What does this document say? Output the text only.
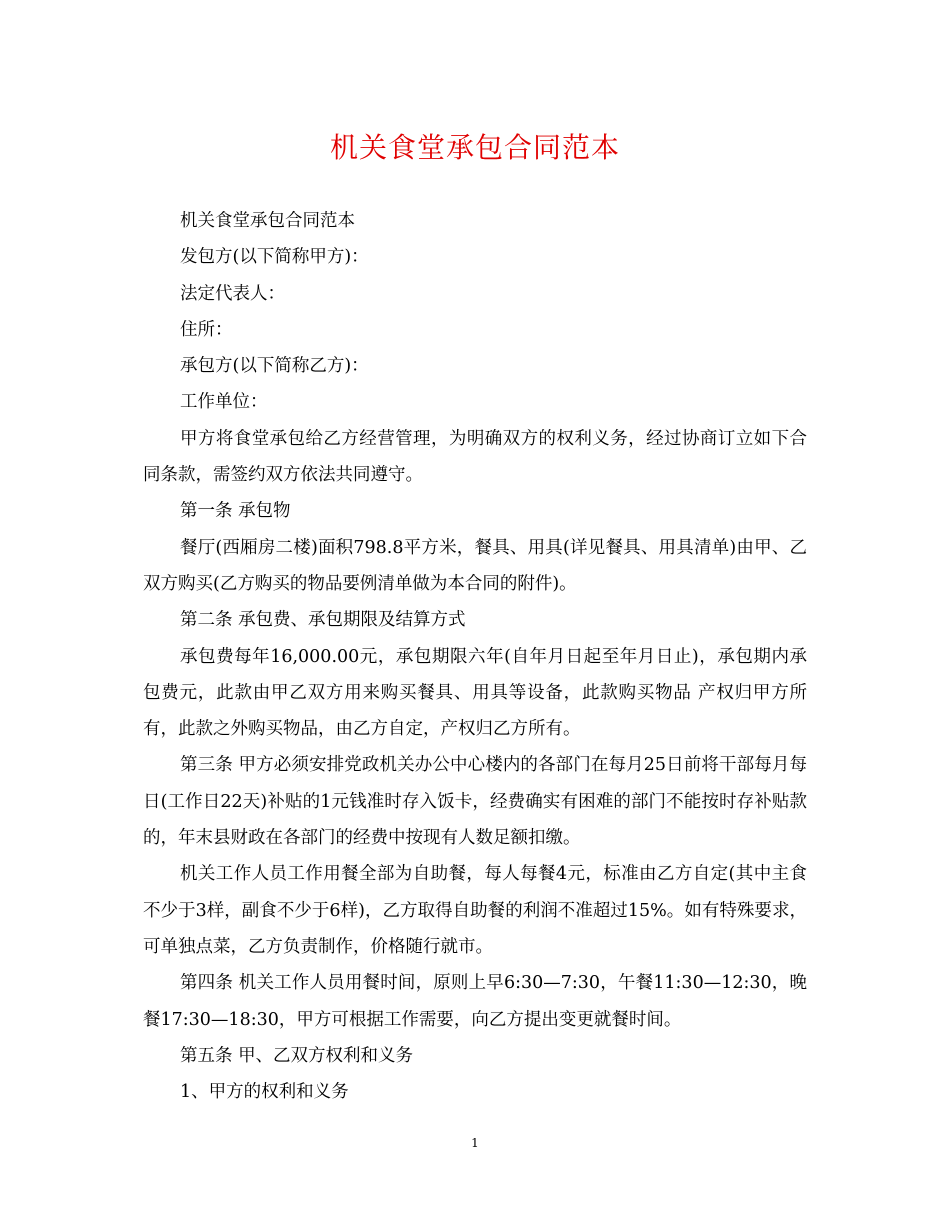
机关食堂承包合同范本

机关食堂承包合同范本

发包方(以下简称甲方)：

法定代表人：

住所：

承包方(以下简称乙方)：

工作单位：

甲方将食堂承包给乙方经营管理，为明确双方的权利义务，经过协商订立如下合同条款，需签约双方依法共同遵守。

第一条 承包物

餐厅(西厢房二楼)面积798.8平方米，餐具、用具(详见餐具、用具清单)由甲、乙双方购买(乙方购买的物品要例清单做为本合同的附件)。

第二条 承包费、承包期限及结算方式

承包费每年16,000.00元，承包期限六年(自年月日起至年月日止)，承包期内承包费元，此款由甲乙双方用来购买餐具、用具等设备，此款购买物品 产权归甲方所有，此款之外购买物品，由乙方自定，产权归乙方所有。

第三条 甲方必须安排党政机关办公中心楼内的各部门在每月25日前将干部每月每日(工作日22天)补贴的1元钱准时存入饭卡，经费确实有困难的部门不能按时存补贴款的，年末县财政在各部门的经费中按现有人数足额扣缴。

机关工作人员工作用餐全部为自助餐，每人每餐4元，标准由乙方自定(其中主食不少于3样，副食不少于6样)，乙方取得自助餐的利润不准超过15%。如有特殊要求，可单独点菜，乙方负责制作，价格随行就市。

第四条 机关工作人员用餐时间，原则上早6:30—7:30，午餐11:30—12:30，晚餐17:30—18:30，甲方可根据工作需要，向乙方提出变更就餐时间。

第五条 甲、乙双方权利和义务

1、甲方的权利和义务

1
